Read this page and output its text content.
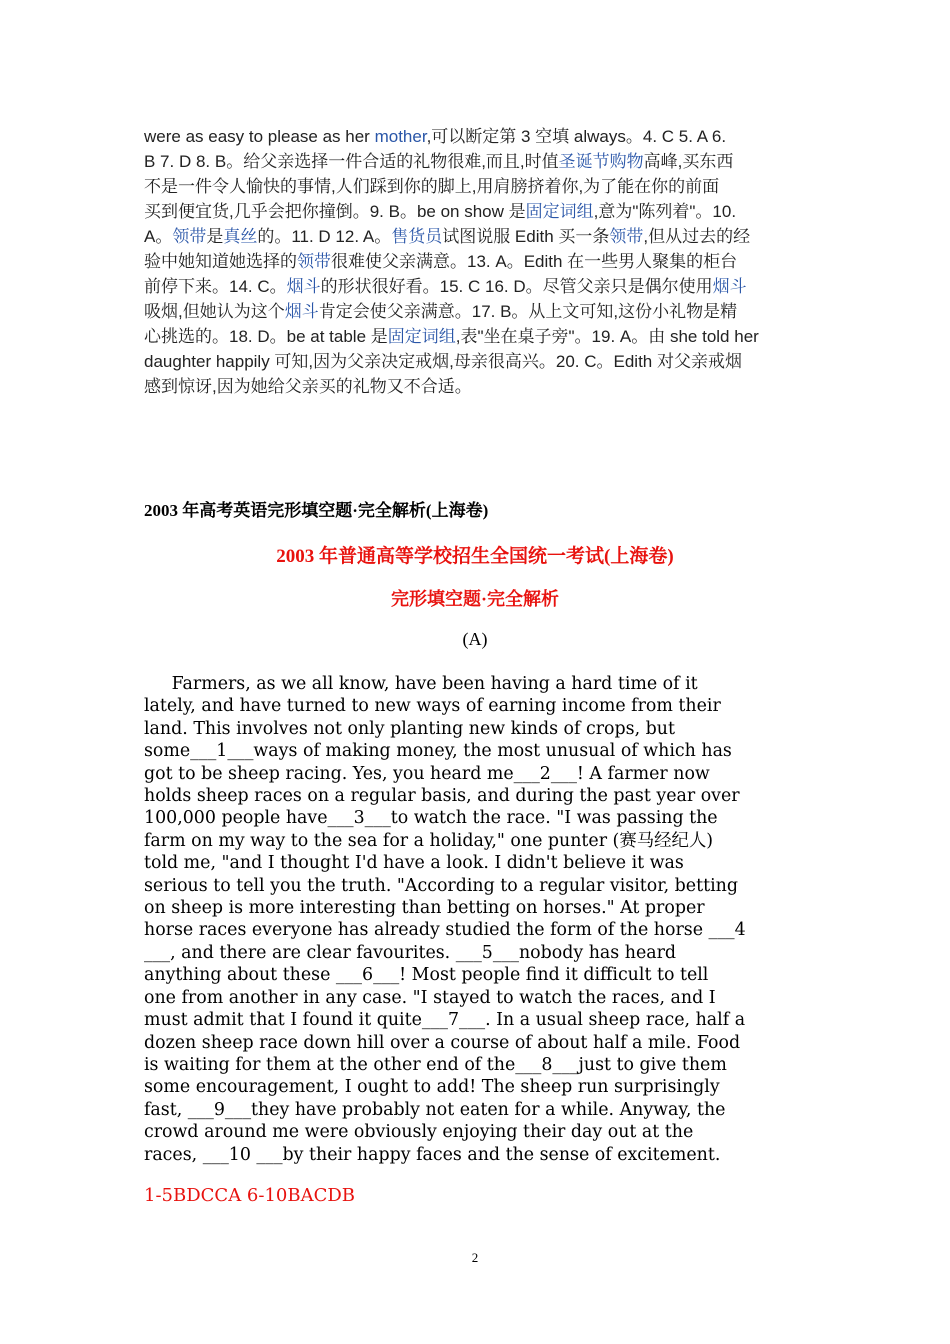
were as easy to please as her mother,可以断定第 3 空填 always。4. C 5. A 6.
B 7. D 8. B。给父亲选择一件合适的礼物很难,而且,时值圣诞节购物高峰,买东西
不是一件令人愉快的事情,人们踩到你的脚上,用肩膀挤着你,为了能在你的前面
买到便宜货,几乎会把你撞倒。9. B。be on show 是固定词组,意为"陈列着"。10.
A。领带是真丝的。11. D 12. A。售货员试图说服 Edith 买一条领带,但从过去的经
验中她知道她选择的领带很难使父亲满意。13. A。Edith 在一些男人聚集的柜台
前停下来。14. C。烟斗的形状很好看。15. C 16. D。尽管父亲只是偶尔使用烟斗
吸烟,但她认为这个烟斗肯定会使父亲满意。17. B。从上文可知,这份小礼物是精
心挑选的。18. D。be at table 是固定词组,表"坐在桌子旁"。19. A。由 she told her
daughter happily 可知,因为父亲决定戒烟,母亲很高兴。20. C。Edith 对父亲戒烟
感到惊讶,因为她给父亲买的礼物又不合适。
2003 年高考英语完形填空题·完全解析(上海卷)
2003 年普通高等学校招生全国统一考试(上海卷)
完形填空题·完全解析
(A)
Farmers, as we all know, have been having a hard time of it
lately, and have turned to new ways of earning income from their
land. This involves not only planting new kinds of crops, but
some___1___ways of making money, the most unusual of which has
got to be sheep racing. Yes, you heard me___2___! A farmer now
holds sheep races on a regular basis, and during the past year over
100,000 people have___3___to watch the race. "I was passing the
farm on my way to the sea for a holiday," one punter (赛马经纪人)
told me, "and I thought I'd have a look. I didn't believe it was
serious to tell you the truth. "According to a regular visitor, betting
on sheep is more interesting than betting on horses." At proper
horse races everyone has already studied the form of the horse ___4
___, and there are clear favourites. ___5___nobody has heard
anything about these ___6___! Most people find it difficult to tell
one from another in any case. "I stayed to watch the races, and I
must admit that I found it quite___7___. In a usual sheep race, half a
dozen sheep race down hill over a course of about half a mile. Food
is waiting for them at the other end of the___8___just to give them
some encouragement, I ought to add! The sheep run surprisingly
fast, ___9___they have probably not eaten for a while. Anyway, the
crowd around me were obviously enjoying their day out at the
races, ___10 ___by their happy faces and the sense of excitement.
1-5BDCCA 6-10BACDB
2
